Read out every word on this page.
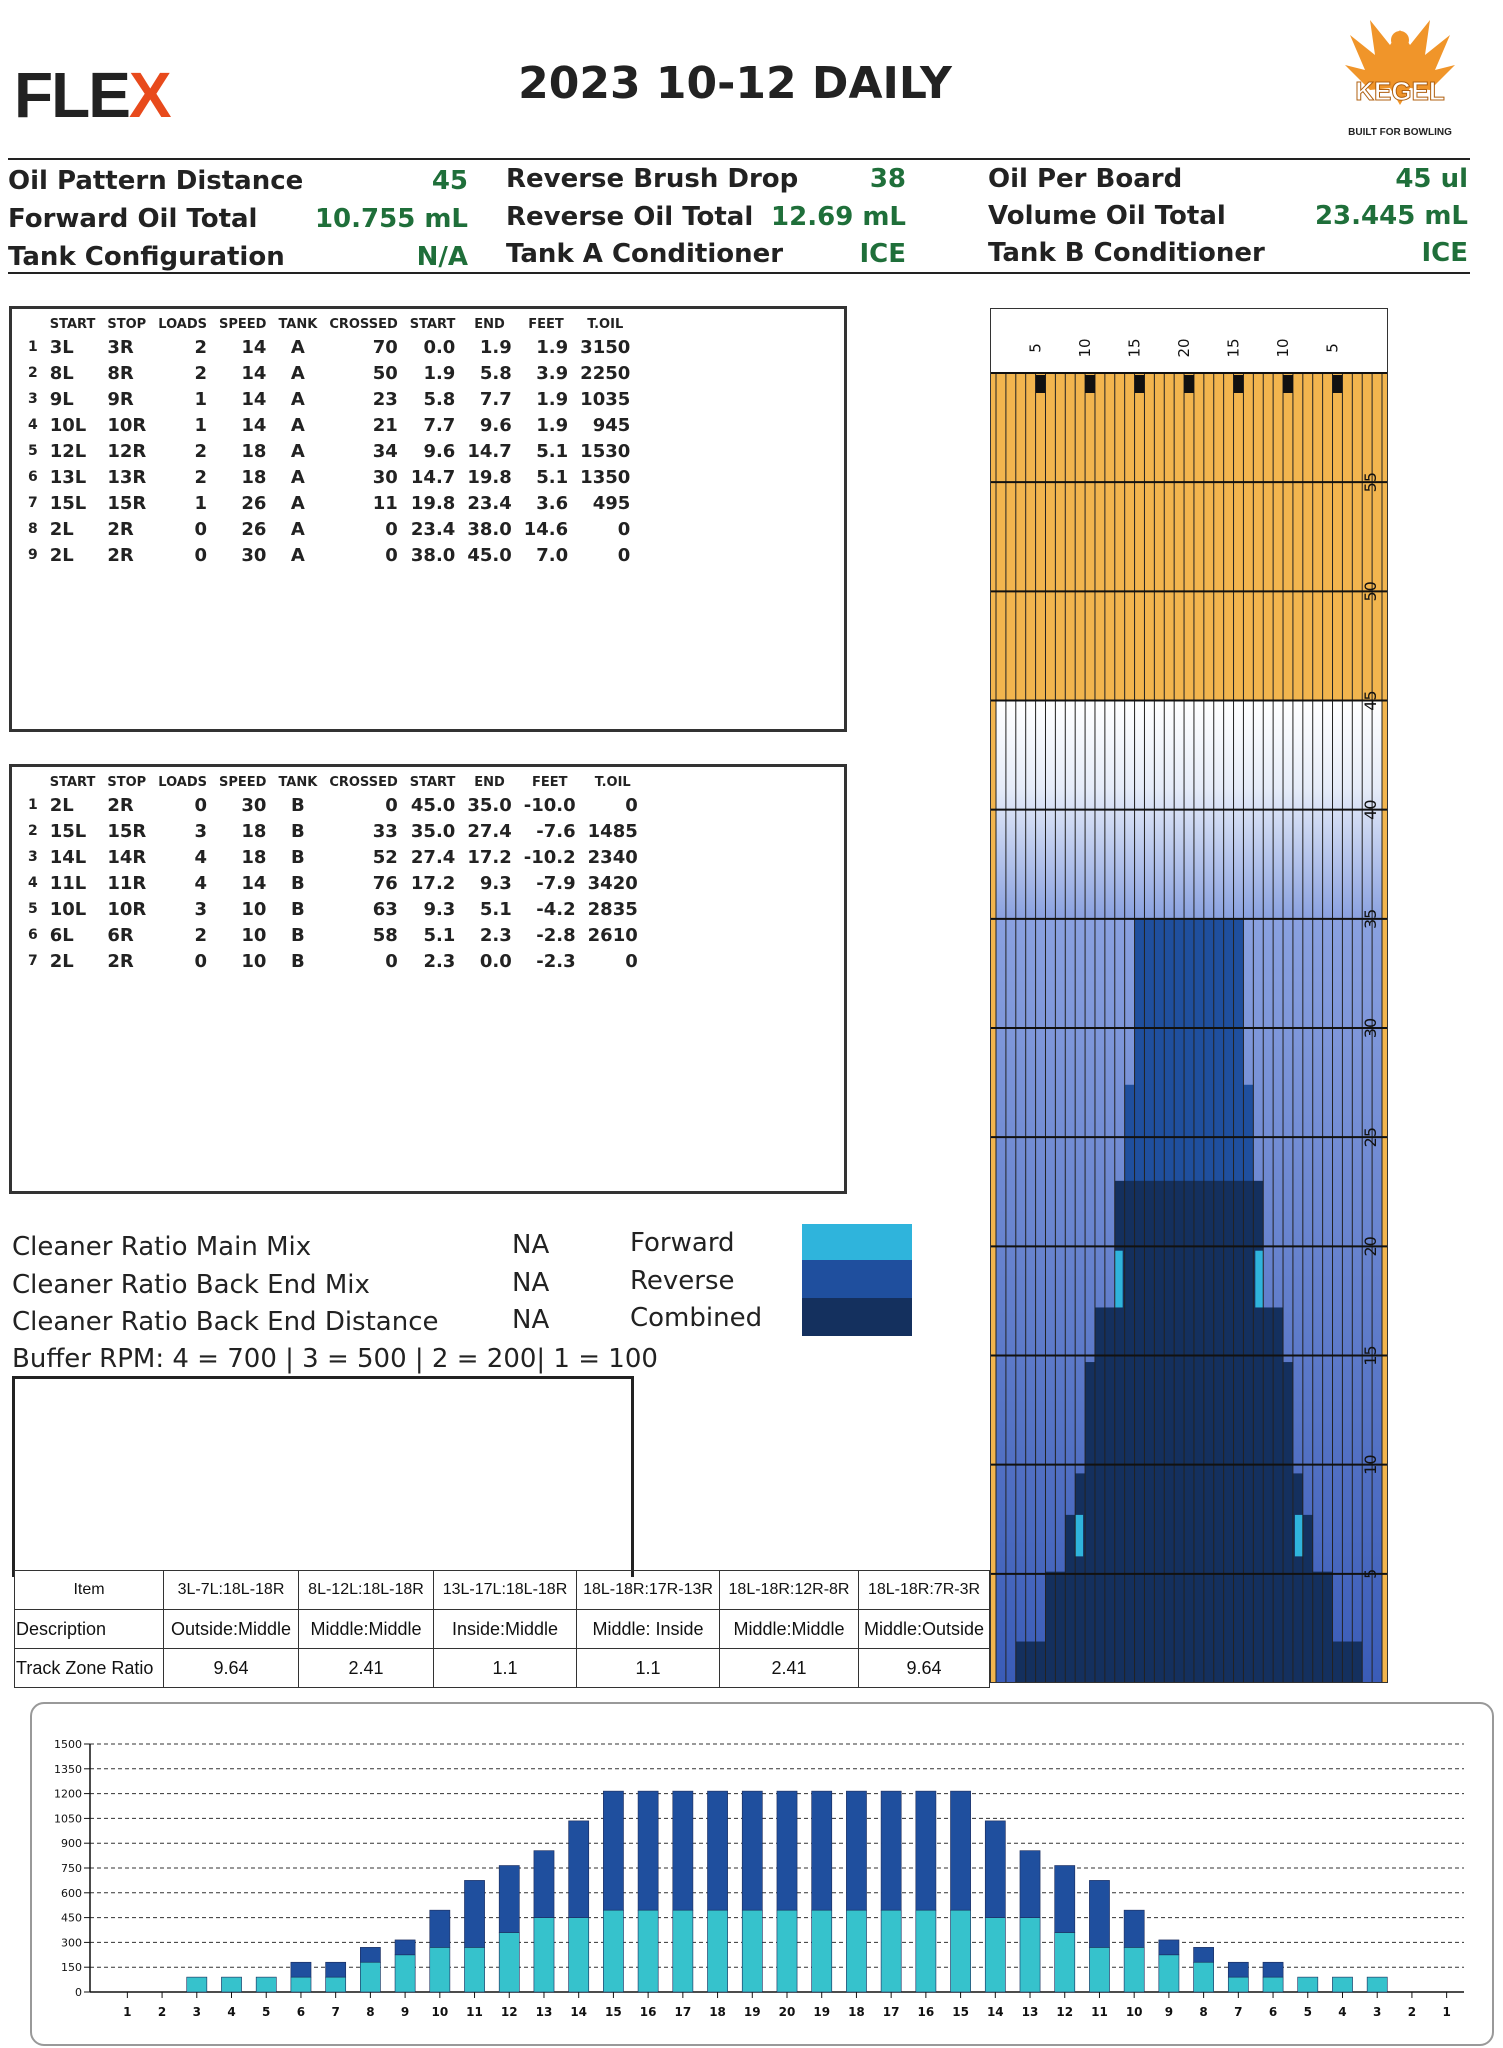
FLEX	2023 10-12 DAILY	KEGEL
BUILT FOR BOWLING
Oil Pattern Distance	45
Forward Oil Total 10.755 mL
Tank Configuration	N/A
Reverse Brush Drop	38
Reverse Oil Total 12.69 mL
Tank A Conditioner	ICE
Oil Per Board	45 ul
Volume Oil Total	23.445 mL
Tank B Conditioner	ICE
	START	STOP	LOADS	SPEED	TANK	CROSSED	START	END	FEET	T.OIL
1	3L	3R	2	14	A	70	0.0	1.9	1.9	3150
2	8L	8R	2	14	A	50	1.9	5.8	3.9	2250
3	9L	9R	1	14	A	23	5.8	7.7	1.9	1035
4	10L	10R	1	14	A	21	7.7	9.6	1.9	945
5	12L	12R	2	18	A	34	9.6	14.7	5.1	1530
6	13L	13R	2	18	A	30	14.7	19.8	5.1	1350
7	15L	15R	1	26	A	11	19.8	23.4	3.6	495
8	2L	2R	0	26	A	0	23.4	38.0	14.6	0
9	2L	2R	0	30	A	0	38.0	45.0	7.0	0
	START	STOP	LOADS	SPEED	TANK	CROSSED	START	END	FEET	T.OIL
1	2L	2R	0	30	B	0	45.0	35.0	-10.0	0
2	15L	15R	3	18	B	33	35.0	27.4	-7.6	1485
3	14L	14R	4	18	B	52	27.4	17.2	-10.2	2340
4	11L	11R	4	14	B	76	17.2	9.3	-7.9	3420
5	10L	10R	3	10	B	63	9.3	5.1	-4.2	2835
6	6L	6R	2	10	B	58	5.1	2.3	-2.8	2610
7	2L	2R	0	10	B	0	2.3	0.0	-2.3	0
Cleaner Ratio Main Mix
Cleaner Ratio Back End Mix
Cleaner Ratio Back End Distance
NA
NA
NA
Forward
Reverse
Combined
Buffer RPM: 4 = 700 | 3 = 500 | 2 = 200| 1 = 100
Item	3L-7L:18L-18R	8L-12L:18L-18R	13L-17L:18L-18R	18L-18R:17R-13R	18L-18R:12R-8R	18L-18R:7R-3R
Description	Outside:Middle	Middle:Middle	Inside:Middle	Middle: Inside	Middle:Middle	Middle:Outside
Track Zone Ratio	9.64	2.41	1.1	1.1	2.41	9.64
55
50
45
40
35
30
25
20
15
10
5
5 10 15 20 15 10 5
0
150
300
450
600
750
900
1050
1200
1350
1500
1 2 3 4 5 6 7 8 9 10 11 12 13 14 15 16 17 18 19 20 19 18 17 16 15 14 13 12 11 10 9 8 7 6 5 4 3 2 1
